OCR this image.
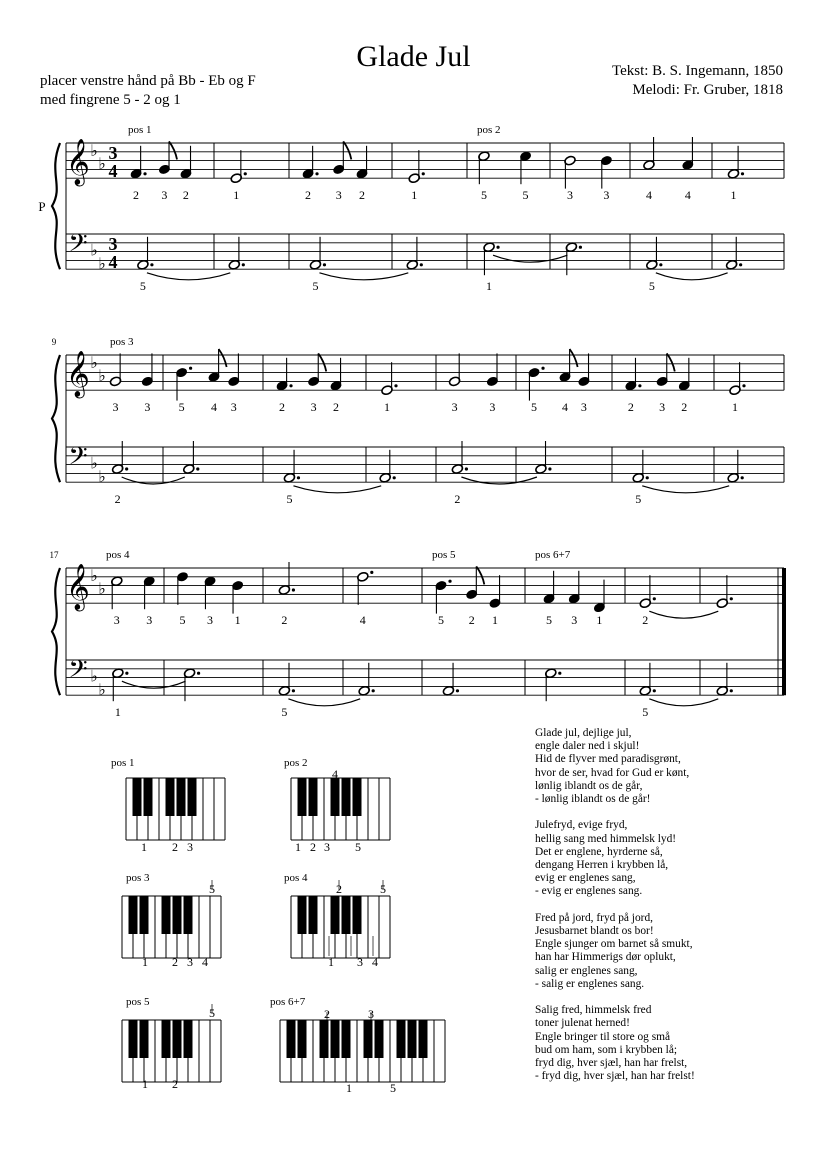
𝄞
𝄢
♭
♭
♭
♭
3
4
3
4
P
pos 1
2 3 2
5
1	2 3 2
5
1
pos 2
5	5
1
3	3	4	4
5
1
𝄞
𝄢
♭
♭
♭
♭
9	pos 3
3 3
2
5 4 3	2 3 2
5
1	3	3
2
5 4 3	2 3 2
5
1
𝄞
𝄢
♭
♭
♭
♭
17	pos 4
3 3
1
5 3 1	2
5
4
pos 5
5 2 1
pos 6+7
5 3 1	2
5
pos 1
1 2 3
pos 2
4
1 2 3 5
pos 3
5
1 2 3 4
pos 4
2	5
1 3 4
pos 5
5
1 2
pos 6+7
2	3
1	5
Glade Jul
placer venstre hånd på Bb - Eb og F
med fingrene 5 - 2 og 1
Tekst: B. S. Ingemann, 1850
Melodi: Fr. Gruber, 1818
Glade jul, dejlige jul,
engle daler ned i skjul!
Hid de flyver med paradisgrønt,
hvor de ser, hvad for Gud er kønt,
lønlig iblandt os de går,
- lønlig iblandt os de går!
Julefryd, evige fryd,
hellig sang med himmelsk lyd!
Det er englene, hyrderne så,
dengang Herren i krybben lå,
evig er englenes sang,
- evig er englenes sang.
Fred på jord, fryd på jord,
Jesusbarnet blandt os bor!
Engle sjunger om barnet så smukt,
han har Himmerigs dør oplukt,
salig er englenes sang,
- salig er englenes sang.
Salig fred, himmelsk fred
toner julenat herned!
Engle bringer til store og små
bud om ham, som i krybben lå;
fryd dig, hver sjæl, han har frelst,
- fryd dig, hver sjæl, han har frelst!
